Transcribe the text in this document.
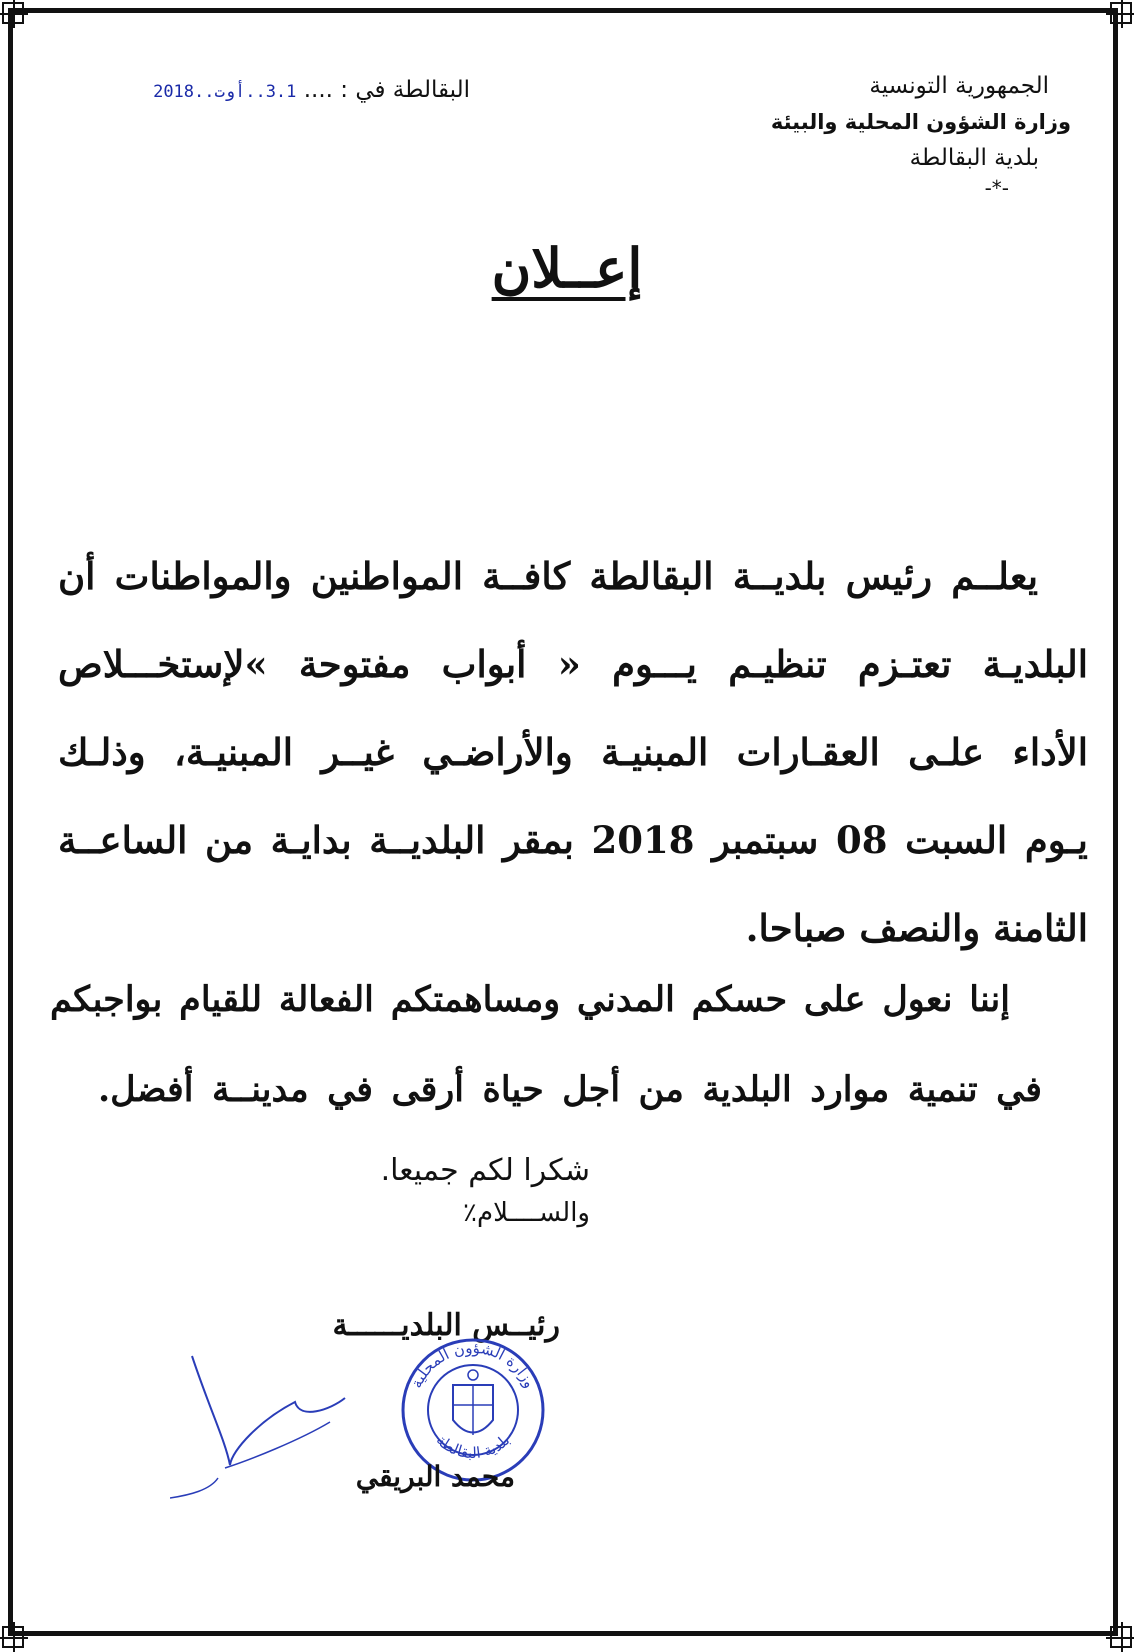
الجمهورية التونسية
وزارة الشؤون المحلية والبيئة
بلدية البقالطة
-*-
البقالطة في : .... 3.1..أوت..2018
إعــلان
يعلــم رئيس بلديــة البقالطة كافــة المواطنين والمواطنات أن
البلديـة تعتـزم تنظيـم يـــوم « أبواب مفتوحة »لإستخـــلاص
الأداء علـى العقـارات المبنيـة والأراضـي غيــر المبنيـة، وذلـك
يـوم السبت 08 سبتمبر 2018 بمقر البلديــة بدايـة من الساعــة
الثامنة والنصف صباحا.
إننا نعول على حسكم المدني ومساهمتكم الفعالة للقيام بواجبكم
في تنمية موارد البلدية من أجل حياة أرقى في مدينــة أفضل.
شكرا لكم جميعا.
والســــلام٪
رئيــس البلديــــــة
وزارة الشؤون المحلية
بلدية البقالطة
محمد البريقي
